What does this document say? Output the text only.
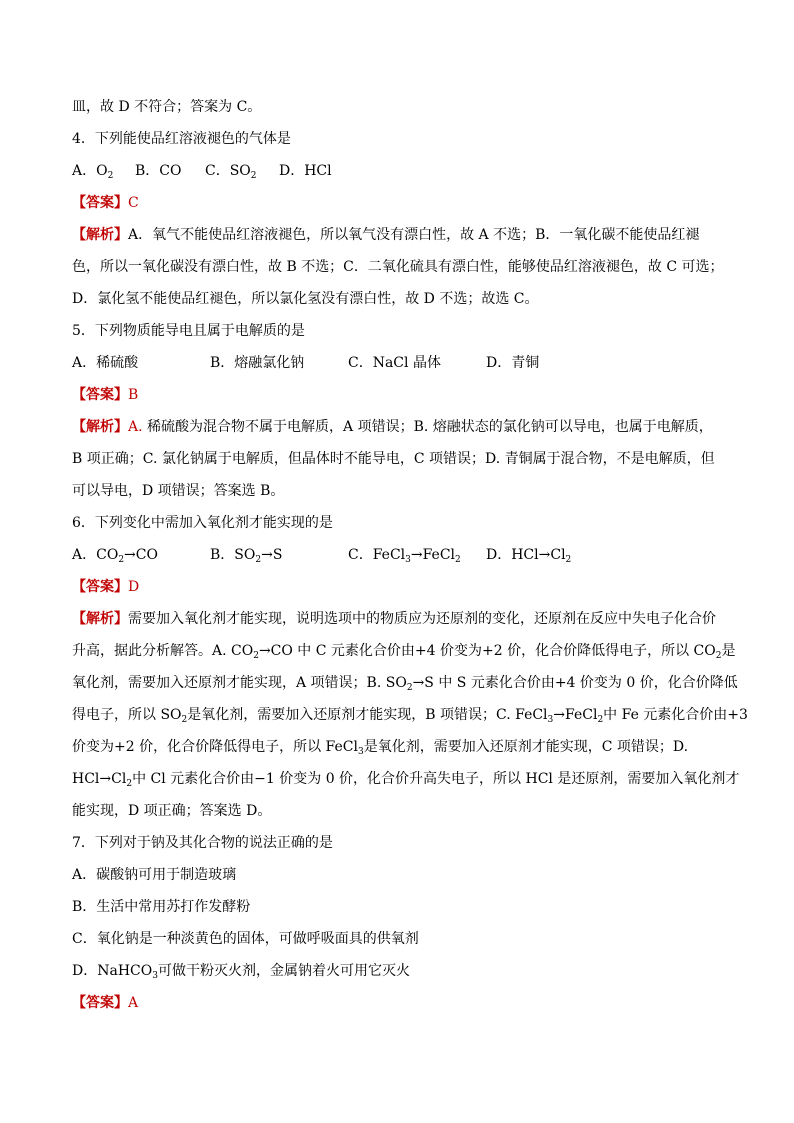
皿，故 D 不符合；答案为 C。
4．下列能使品红溶液褪色的气体是
A．$O_2$ B．CO C．$SO_2$ D．HCl
【答案】C
【解析】A．氧气不能使品红溶液褪色，所以氧气没有漂白性，故 A 不选；B．一氧化碳不能使品红褪
色，所以一氧化碳没有漂白性，故 B 不选；C．二氧化硫具有漂白性，能够使品红溶液褪色，故 C 可选；
D．氯化氢不能使品红褪色，所以氯化氢没有漂白性，故 D 不选；故选 C。
5．下列物质能导电且属于电解质的是
A．稀硫酸	B．熔融氯化钠	C．NaCl 晶体	D．青铜
【答案】B
【解析】A. 稀硫酸为混合物不属于电解质，A 项错误；B. 熔融状态的氯化钠可以导电，也属于电解质，
B 项正确；C. 氯化钠属于电解质，但晶体时不能导电，C 项错误；D. 青铜属于混合物，不是电解质，但
可以导电，D 项错误；答案选 B。
6．下列变化中需加入氧化剂才能实现的是
A．$CO_2\to CO$	B．$SO_2\to S$	C．FeCl$_3$→FeCl$_2$ D．$HCl\to Cl_2$
【答案】D
【解析】需要加入氧化剂才能实现，说明选项中的物质应为还原剂的变化，还原剂在反应中失电子化合价
升高，据此分析解答。A. $CO_2\to CO$ 中 C 元素化合价由+4 价变为+2 价，化合价降低得电子，所以 $CO_2$是
氧化剂，需要加入还原剂才能实现，A 项错误；B. $SO_2\to S$ 中 S 元素化合价由+4 价变为 0 价，化合价降低
得电子，所以 $SO_2$是氧化剂，需要加入还原剂才能实现，B 项错误；C. FeCl$_3$→FeCl$_2$中 Fe 元素化合价由+3
价变为+2 价，化合价降低得电子，所以 FeCl$_3$是氧化剂，需要加入还原剂才能实现，C 项错误；D.
$HCl\to Cl_2$中 Cl 元素化合价由−1 价变为 0 价，化合价升高失电子，所以 HCl 是还原剂，需要加入氧化剂才
能实现，D 项正确；答案选 D。
7．下列对于钠及其化合物的说法正确的是
A．碳酸钠可用于制造玻璃
B．生活中常用苏打作发酵粉
C．氧化钠是一种淡黄色的固体，可做呼吸面具的供氧剂
D．NaHCO$_3$可做干粉灭火剂，金属钠着火可用它灭火
【答案】A
